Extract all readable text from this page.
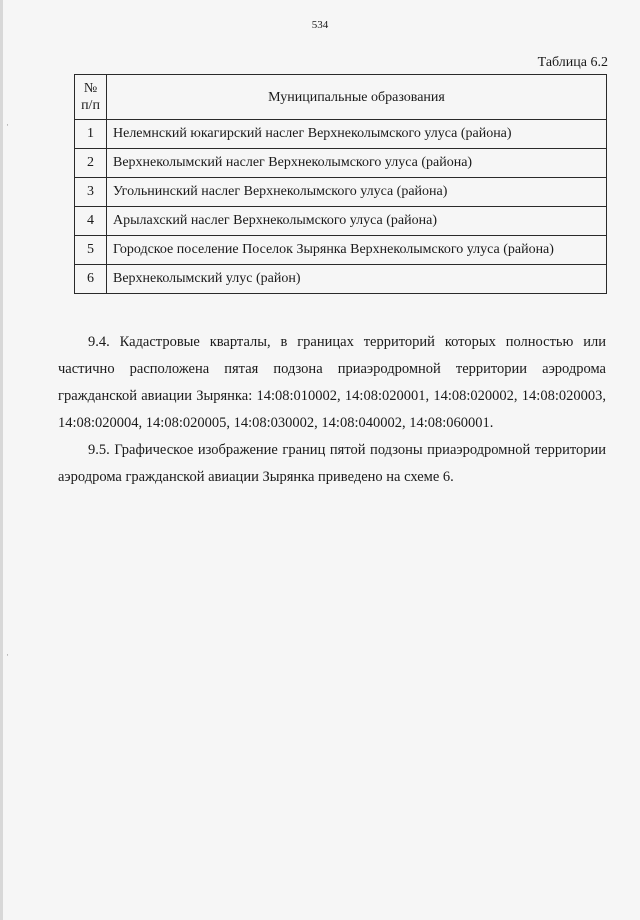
·
·
534
Таблица 6.2
№ п/п	Муниципальные образования
1	Нелемнский юкагирский наслег Верхнеколымского улуса (района)
2	Верхнеколымский наслег Верхнеколымского улуса (района)
3	Угольнинский наслег Верхнеколымского улуса (района)
4	Арылахский наслег Верхнеколымского улуса (района)
5	Городское поселение Поселок Зырянка Верхнеколымского улуса (района)
6	Верхнеколымский улус (район)

9.4. Кадастровые кварталы, в границах территорий которых полностью или частично расположена пятая подзона приаэродромной территории аэродрома гражданской авиации Зырянка: 14:08:010002, 14:08:020001, 14:08:020002, 14:08:020003, 14:08:020004, 14:08:020005, 14:08:030002, 14:08:040002, 14:08:060001.

9.5. Графическое изображение границ пятой подзоны приаэродромной территории аэродрома гражданской авиации Зырянка приведено на схеме 6.
